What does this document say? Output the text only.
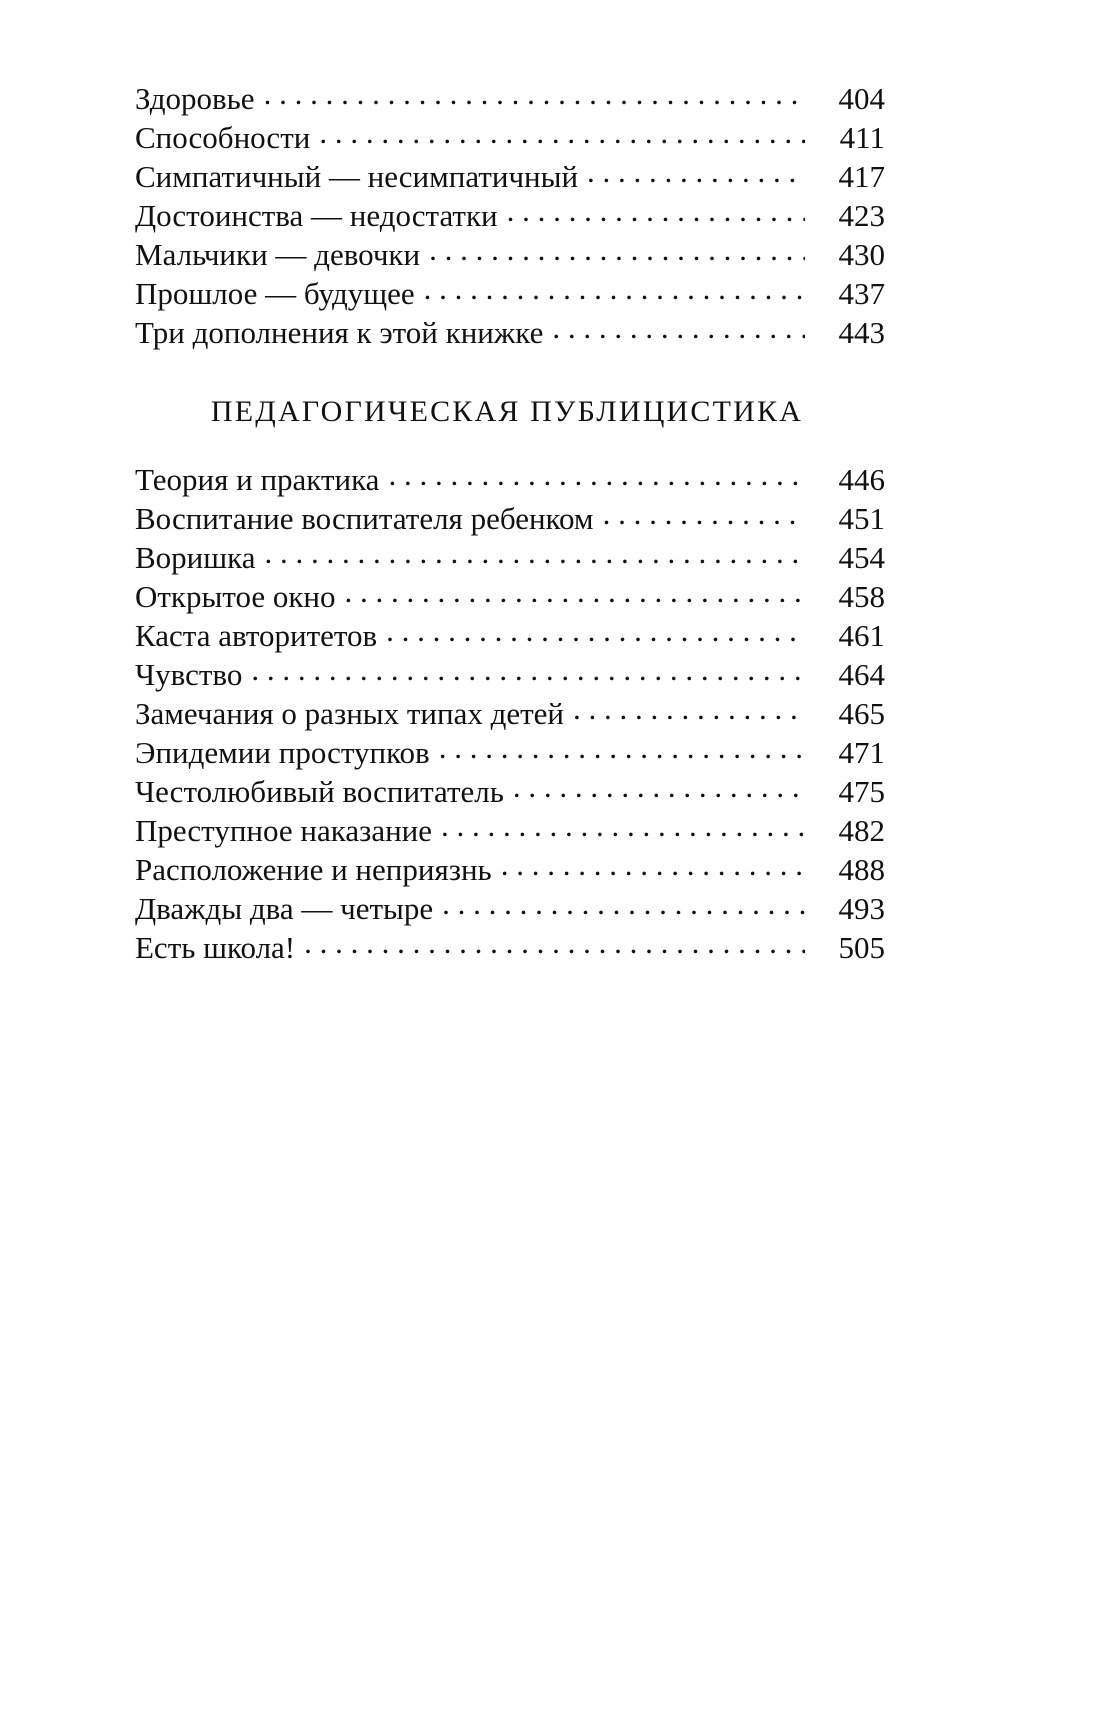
Здоровье . . .	404
Способности . . .	411
Симпатичный — несимпатичный . . .	417
Достоинства — недостатки . . .	423
Мальчики — девочки . . .	430
Прошлое — будущее . . .	437
Три дополнения к этой книжке . . .	443
ПЕДАГОГИЧЕСКАЯ ПУБЛИЦИСТИКА
Теория и практика . . .	446
Воспитание воспитателя ребенком . . .	451
Воришка . . .	454
Открытое окно . . .	458
Каста авторитетов . . .	461
Чувство . . .	464
Замечания о разных типах детей . . .	465
Эпидемии проступков . . .	471
Честолюбивый воспитатель . . .	475
Преступное наказание . . .	482
Расположение и неприязнь . . .	488
Дважды два — четыре . . .	493
Есть школа! . . .	505
